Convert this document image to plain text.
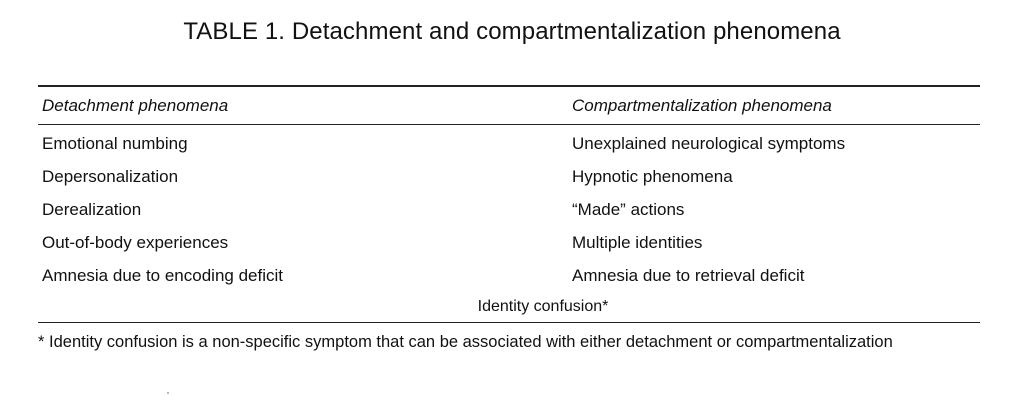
TABLE 1. Detachment and compartmentalization phenomena
Detachment phenomena	Compartmentalization phenomena
Emotional numbing	Unexplained neurological symptoms
Depersonalization	Hypnotic phenomena
Derealization	“Made” actions
Out-of-body experiences	Multiple identities
Amnesia due to encoding deficit	Amnesia due to retrieval deficit
Identity confusion*
* Identity confusion is a non-specific symptom that can be associated with either detachment or compartmentalization
